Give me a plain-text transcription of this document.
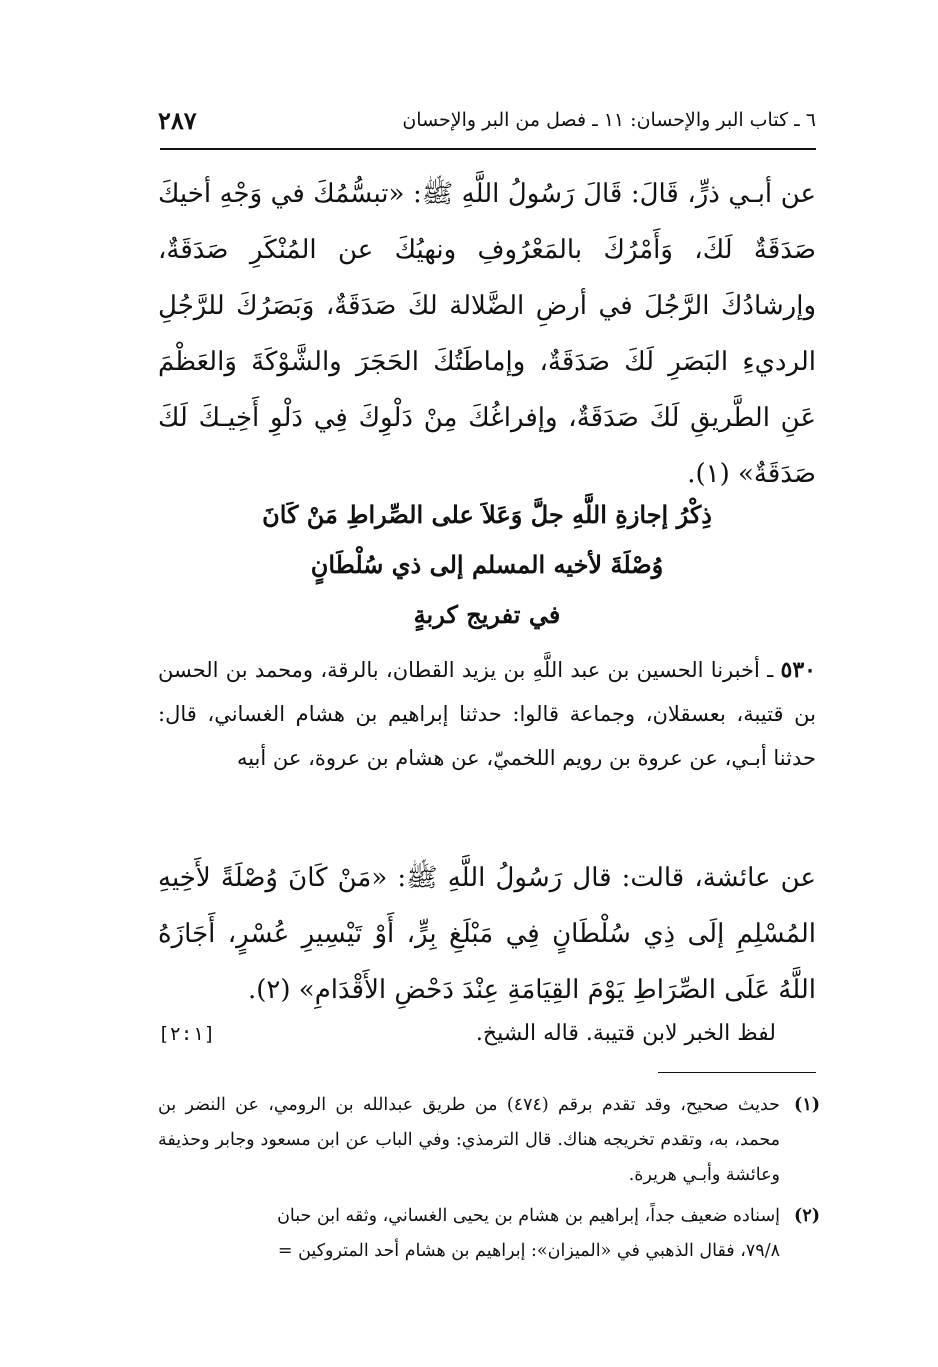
٦ ـ كتاب البر والإحسان: ١١ ـ فصل من البر والإحسان
٢٨٧

عن أبـي ذرٍّ، قَالَ: قَالَ رَسُولُ اللَّهِ ﷺ: «تبسُّمُكَ في وَجْهِ أخيكَ صَدَقَةٌ لَكَ، وَأَمْرُكَ بالمَعْرُوفِ ونهيُكَ عن المُنْكَرِ صَدَقَةٌ، وإرشادُكَ الرَّجُلَ في أرضِ الضَّلالة لكَ صَدَقَةٌ، وَبَصَرُكَ للرَّجُلِ الرديءِ البَصَرِ لَكَ صَدَقَةٌ، وإماطَتُكَ الحَجَرَ والشَّوْكَةَ وَالعَظْمَ عَنِ الطَّريقِ لَكَ صَدَقَةٌ، وإفراغُكَ مِنْ دَلْوِكَ فِي دَلْوِ أَخِيـكَ لَكَ صَدَقَةٌ» (١).

ذِكْرُ إجازةِ اللَّهِ جلَّ وَعَلاَ على الصِّراطِ مَنْ كَانَ
وُصْلَةَ لأخيه المسلم إلى ذي سُلْطَانٍ
في تفريج كربةٍ

٥٣٠ ـ أخبرنا الحسين بن عبد اللَّهِ بن يزيد القطان، بالرقة، ومحمد بن الحسن بن قتيبة، بعسقلان، وجماعة قالوا: حدثنا إبراهيم بن هشام الغساني، قال: حدثنا أبـي، عن عروة بن رويم اللخميّ، عن هشام بن عروة، عن أبيه

عن عائشة، قالت: قال رَسُولُ اللَّهِ ﷺ: «مَنْ كَانَ وُصْلَةً لأَخِيهِ المُسْلِمِ إلَى ذِي سُلْطَانٍ فِي مَبْلَغِ بِرٍّ، أَوْ تَيْسِيرِ عُسْرٍ، أَجَازَهُ اللَّهُ عَلَى الصِّرَاطِ يَوْمَ القِيَامَةِ عِنْدَ دَحْضِ الأَقْدَامِ» (٢).

لفظ الخبر لابن قتيبة. قاله الشيخ.
[٢:١]

(١)
حديث صحيح، وقد تقدم برقم (٤٧٤) من طريق عبدالله بن الرومي، عن النضر بن محمد، به، وتقدم تخريجه هناك. قال الترمذي: وفي الباب عن ابن مسعود وجابر وحذيفة وعائشة وأبـي هريرة.

(٢)
إسناده ضعيف جداً، إبراهيم بن هشام بن يحيى الغساني، وثقه ابن حبان
٧٩/٨، فقال الذهبي في «الميزان»: إبراهيم بن هشام أحد المتروكين =
